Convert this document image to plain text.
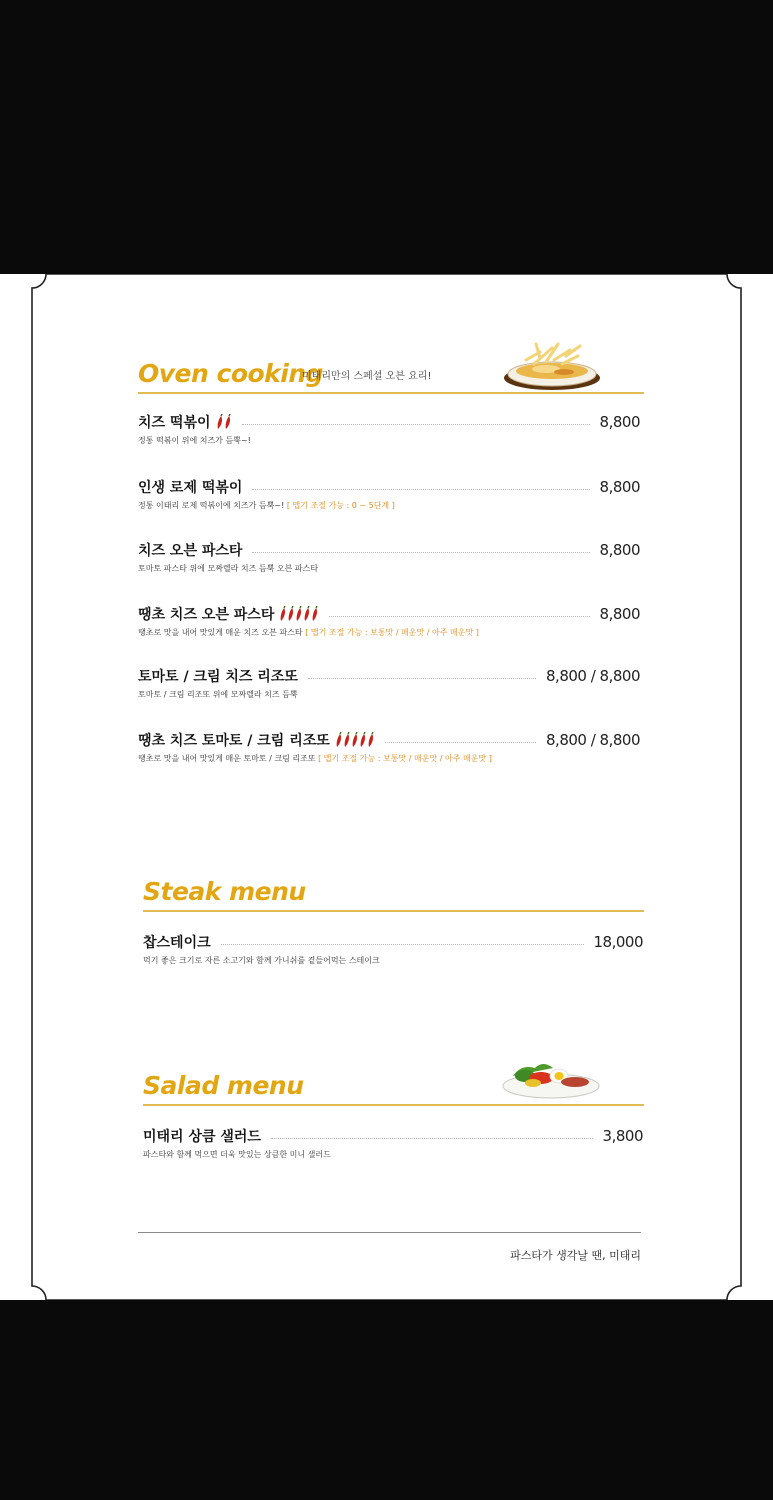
Oven cooking
미태리만의 스페셜 오븐 요리!
치즈 떡볶이	8,800
정통 떡볶이 위에 치즈가 듬뿍~!
인생 로제 떡볶이	8,800
정통 이태리 로제 떡볶이에 치즈가 듬뿍~! [ 맵기 조절 가능 : 0 ~ 5단계 ]
치즈 오븐 파스타	8,800
토마토 파스타 위에 모짜렐라 치즈 듬뿍 오븐 파스타
땡초 치즈 오븐 파스타	8,800
땡초로 맛을 내어 맛있게 매운 치즈 오븐 파스타 [ 맵기 조절 가능 : 보통맛 / 매운맛 / 아주 매운맛 ]
토마토 / 크림 치즈 리조또	8,800 / 8,800
토마토 / 크림 리조또 위에 모짜렐라 치즈 듬뿍
땡초 치즈 토마토 / 크림 리조또	8,800 / 8,800
땡초로 맛을 내어 맛있게 매운 토마토 / 크림 리조또 [ 맵기 조절 가능 : 보통맛 / 매운맛 / 아주 매운맛 ]
Steak menu
찹스테이크	18,000
먹기 좋은 크기로 자른 소고기와 함께 가니쉬를 곁들어먹는 스테이크
Salad menu
미태리 상큼 샐러드	3,800
파스타와 함께 먹으면 더욱 맛있는 상큼한 미니 샐러드
파스타가 생각날 땐, 미태리
